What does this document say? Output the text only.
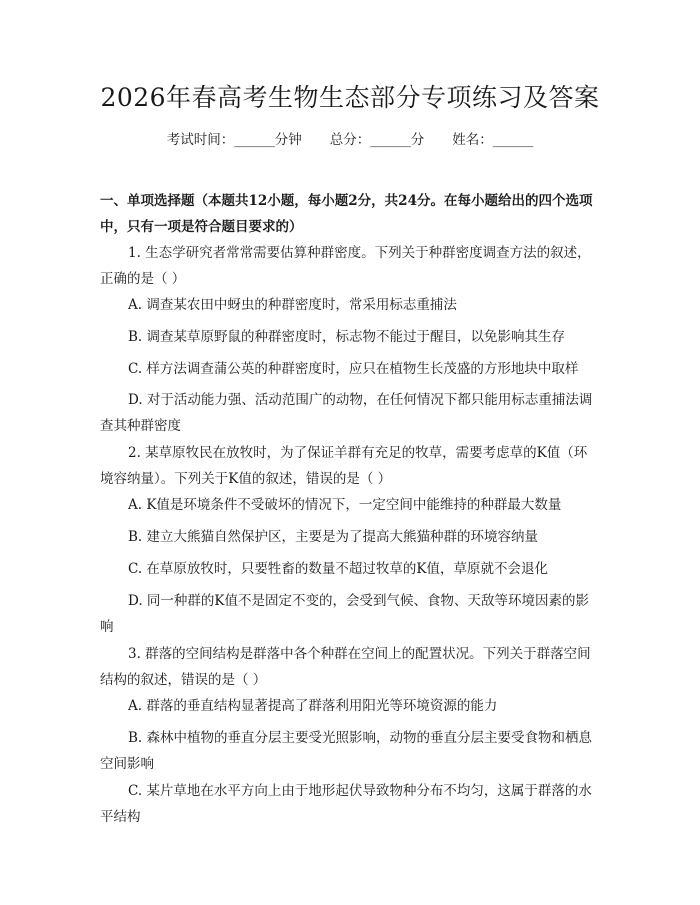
2026年春高考生物生态部分专项练习及答案
考试时间：______分钟 总分：______分 姓名：______
一、单项选择题（本题共12小题，每小题2分，共24分。在每小题给出的四个选项中，只有一项是符合题目要求的）
1. 生态学研究者常常需要估算种群密度。下列关于种群密度调查方法的叙述，正确的是（ ）
A. 调查某农田中蚜虫的种群密度时，常采用标志重捕法
B. 调查某草原野鼠的种群密度时，标志物不能过于醒目，以免影响其生存
C. 样方法调查蒲公英的种群密度时，应只在植物生长茂盛的方形地块中取样
D. 对于活动能力强、活动范围广的动物，在任何情况下都只能用标志重捕法调查其种群密度
2. 某草原牧民在放牧时，为了保证羊群有充足的牧草，需要考虑草的K值（环境容纳量）。下列关于K值的叙述，错误的是（ ）
A. K值是环境条件不受破坏的情况下，一定空间中能维持的种群最大数量
B. 建立大熊猫自然保护区，主要是为了提高大熊猫种群的环境容纳量
C. 在草原放牧时，只要牲畜的数量不超过牧草的K值，草原就不会退化
D. 同一种群的K值不是固定不变的，会受到气候、食物、天敌等环境因素的影响
3. 群落的空间结构是群落中各个种群在空间上的配置状况。下列关于群落空间结构的叙述，错误的是（ ）
A. 群落的垂直结构显著提高了群落利用阳光等环境资源的能力
B. 森林中植物的垂直分层主要受光照影响，动物的垂直分层主要受食物和栖息空间影响
C. 某片草地在水平方向上由于地形起伏导致物种分布不均匀，这属于群落的水平结构
